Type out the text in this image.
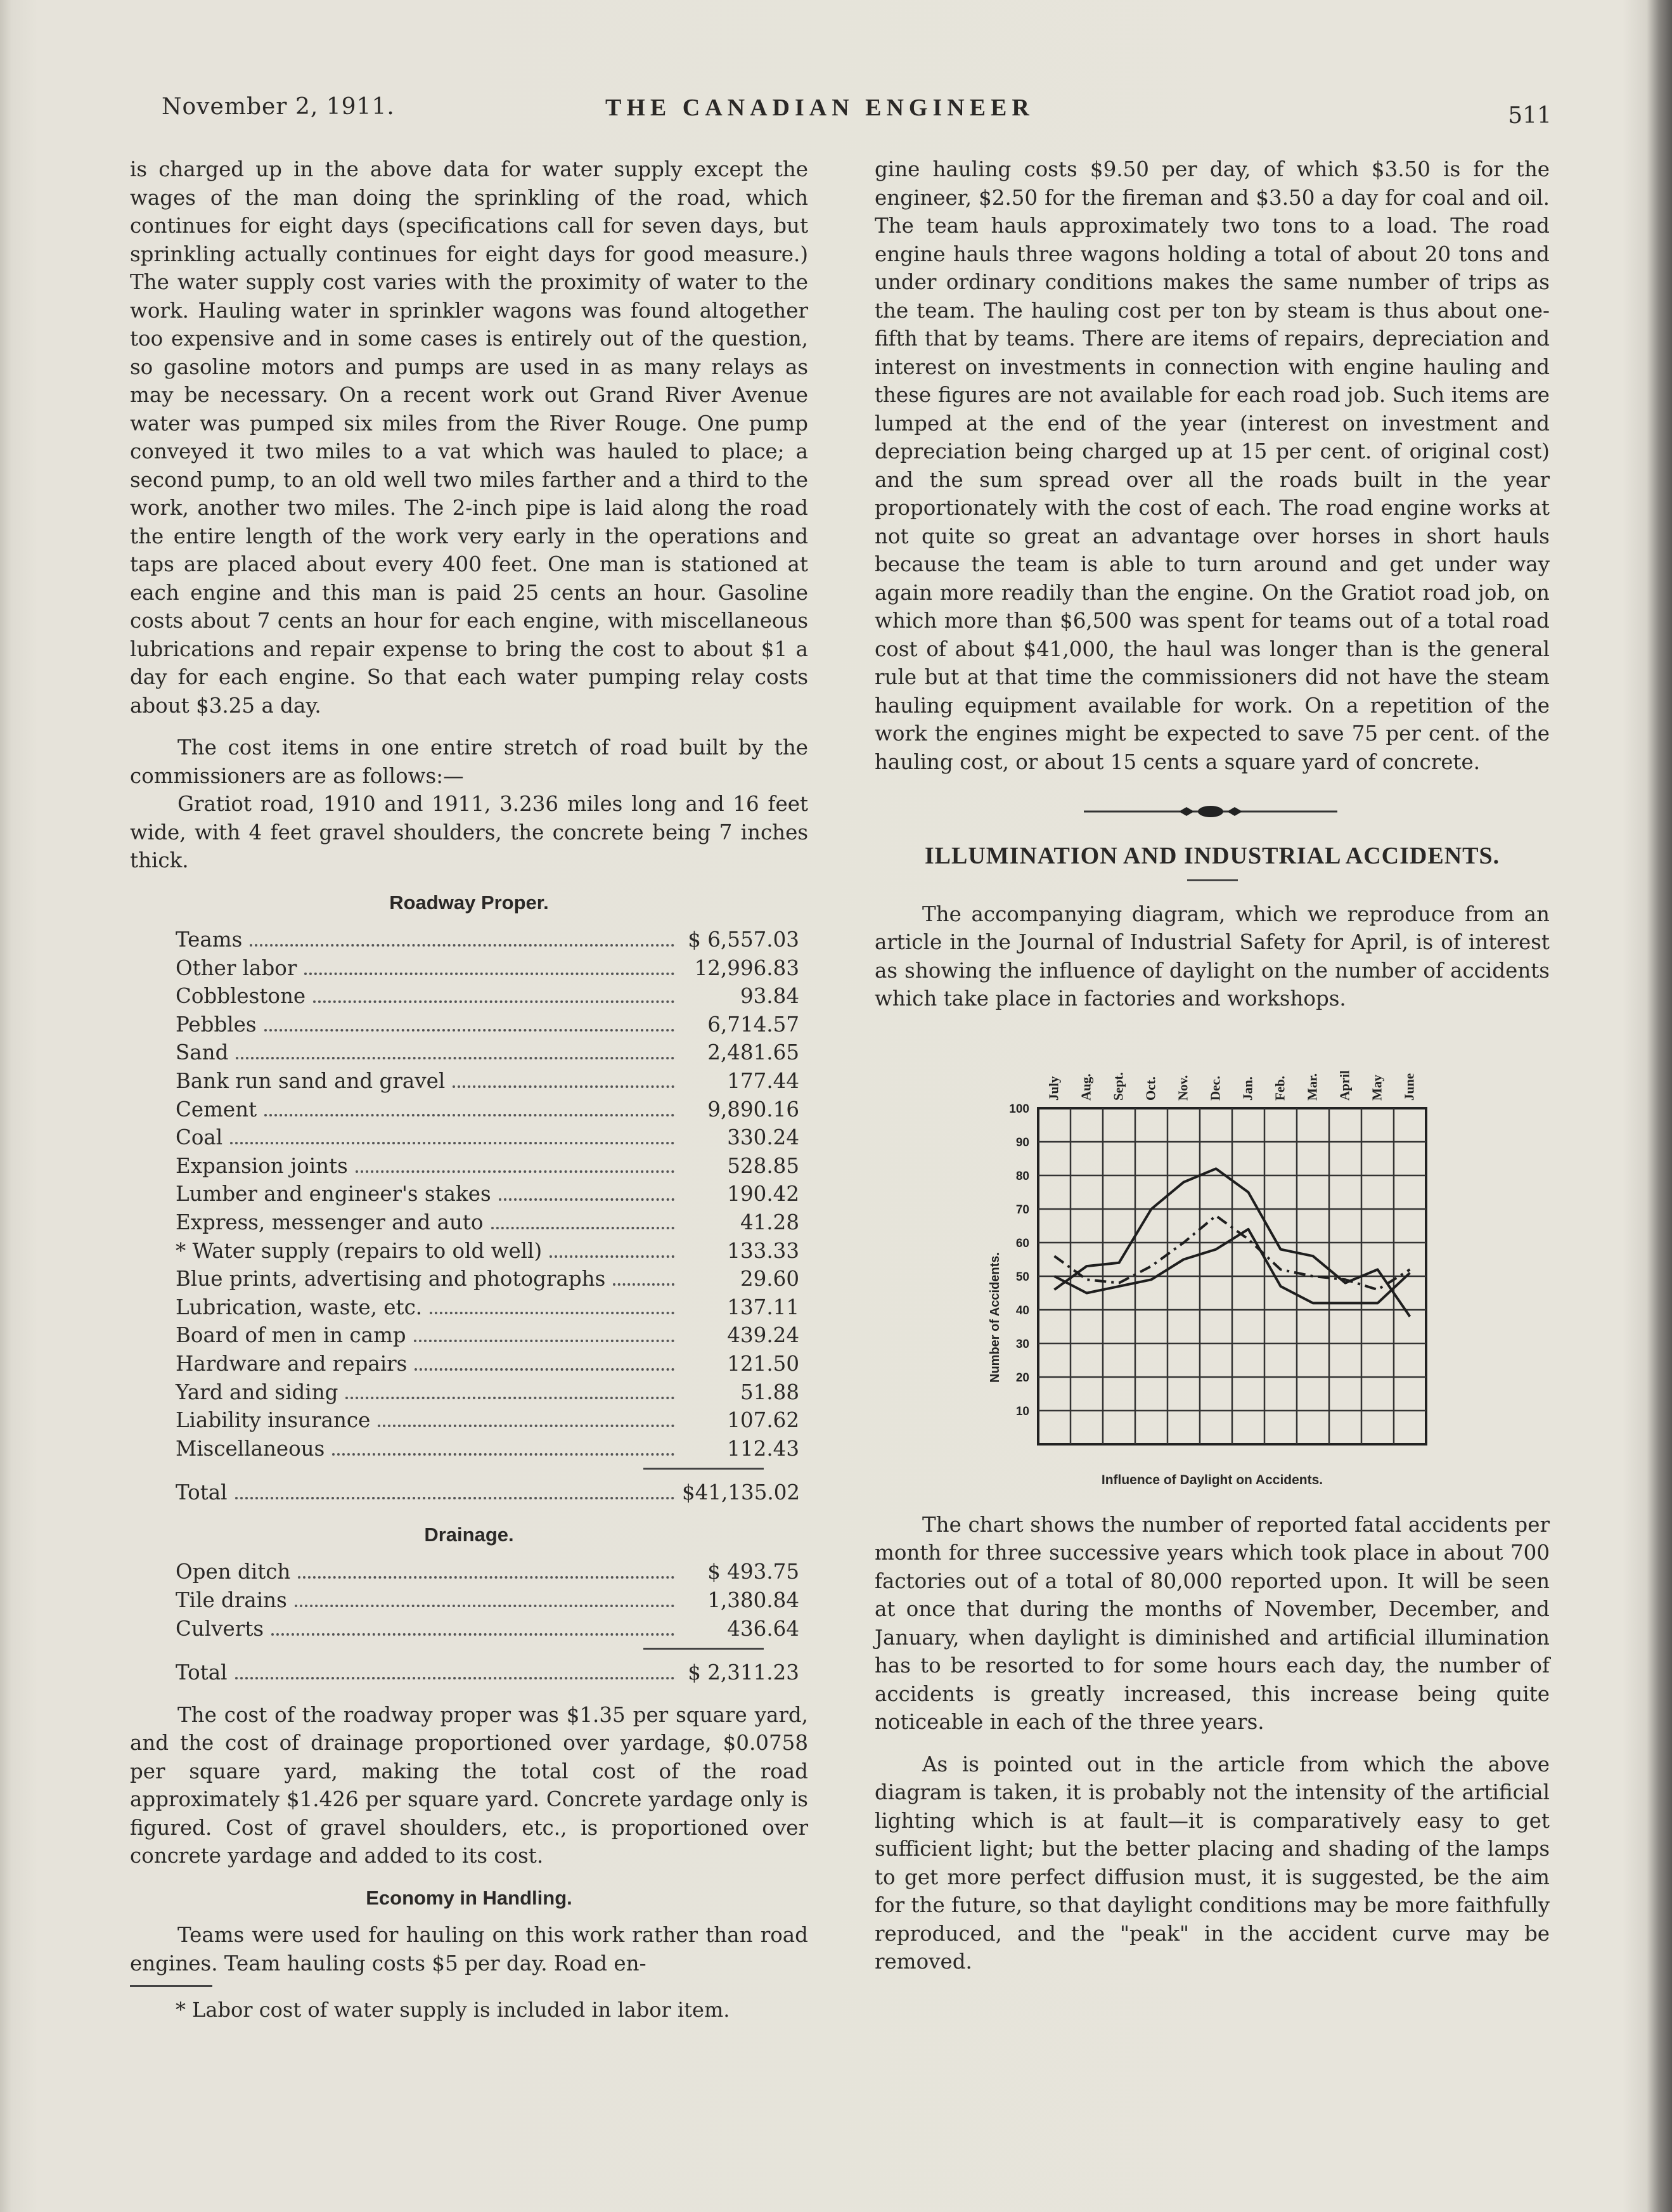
November 2, 1911.	THE CANADIAN ENGINEER	511

is charged up in the above data for water supply except the wages of the man doing the sprinkling of the road, which continues for eight days (specifications call for seven days, but sprinkling actually continues for eight days for good measure.) The water supply cost varies with the proximity of water to the work. Hauling water in sprinkler wagons was found altogether too expensive and in some cases is entirely out of the question, so gasoline motors and pumps are used in as many relays as may be necessary. On a recent work out Grand River Avenue water was pumped six miles from the River Rouge. One pump conveyed it two miles to a vat which was hauled to place; a second pump, to an old well two miles farther and a third to the work, another two miles. The 2-inch pipe is laid along the road the entire length of the work very early in the operations and taps are placed about every 400 feet. One man is stationed at each engine and this man is paid 25 cents an hour. Gasoline costs about 7 cents an hour for each engine, with miscellaneous lubrications and repair expense to bring the cost to about $1 a day for each engine. So that each water pumping relay costs about $3.25 a day.

The cost items in one entire stretch of road built by the commissioners are as follows:—

Gratiot road, 1910 and 1911, 3.236 miles long and 16 feet wide, with 4 feet gravel shoulders, the concrete being 7 inches thick.

Roadway Proper.

Teams	$ 6,557.03
Other labor	12,996.83
Cobblestone	93.84
Pebbles	6,714.57
Sand	2,481.65
Bank run sand and gravel	177.44
Cement	9,890.16
Coal	330.24
Expansion joints	528.85
Lumber and engineer's stakes	190.42
Express, messenger and auto	41.28
* Water supply (repairs to old well)	133.33
Blue prints, advertising and photographs	29.60
Lubrication, waste, etc.	137.11
Board of men in camp	439.24
Hardware and repairs	121.50
Yard and siding	51.88
Liability insurance	107.62
Miscellaneous	112.43
Total	$41,135.02

Drainage.

Open ditch	$ 493.75
Tile drains	1,380.84
Culverts	436.64
Total	$ 2,311.23

The cost of the roadway proper was $1.35 per square yard, and the cost of drainage proportioned over yardage, $0.0758 per square yard, making the total cost of the road approximately $1.426 per square yard. Concrete yardage only is figured. Cost of gravel shoulders, etc., is proportioned over concrete yardage and added to its cost.

Economy in Handling.

Teams were used for hauling on this work rather than road engines. Team hauling costs $5 per day. Road en-

* Labor cost of water supply is included in labor item.

gine hauling costs $9.50 per day, of which $3.50 is for the engineer, $2.50 for the fireman and $3.50 a day for coal and oil. The team hauls approximately two tons to a load. The road engine hauls three wagons holding a total of about 20 tons and under ordinary conditions makes the same number of trips as the team. The hauling cost per ton by steam is thus about one-fifth that by teams. There are items of repairs, depreciation and interest on investments in connection with engine hauling and these figures are not available for each road job. Such items are lumped at the end of the year (interest on investment and depreciation being charged up at 15 per cent. of original cost) and the sum spread over all the roads built in the year proportionately with the cost of each. The road engine works at not quite so great an advantage over horses in short hauls because the team is able to turn around and get under way again more readily than the engine. On the Gratiot road job, on which more than $6,500 was spent for teams out of a total road cost of about $41,000, the haul was longer than is the general rule but at that time the commissioners did not have the steam hauling equipment available for work. On a repetition of the work the engines might be expected to save 75 per cent. of the hauling cost, or about 15 cents a square yard of concrete.

ILLUMINATION AND INDUSTRIAL ACCIDENTS.

The accompanying diagram, which we reproduce from an article in the Journal of Industrial Safety for April, is of interest as showing the influence of daylight on the number of accidents which take place in factories and workshops.

10
20
30
40
50
60
70
80
90
100
July Aug. Sept. Oct. Nov. Dec. Jan. Feb. Mar. April May June
Number of Accidents.
Influence of Daylight on Accidents.

The chart shows the number of reported fatal accidents per month for three successive years which took place in about 700 factories out of a total of 80,000 reported upon. It will be seen at once that during the months of November, December, and January, when daylight is diminished and artificial illumination has to be resorted to for some hours each day, the number of accidents is greatly increased, this increase being quite noticeable in each of the three years.

As is pointed out in the article from which the above diagram is taken, it is probably not the intensity of the artificial lighting which is at fault—it is comparatively easy to get sufficient light; but the better placing and shading of the lamps to get more perfect diffusion must, it is suggested, be the aim for the future, so that daylight conditions may be more faithfully reproduced, and the "peak" in the accident curve may be removed.
